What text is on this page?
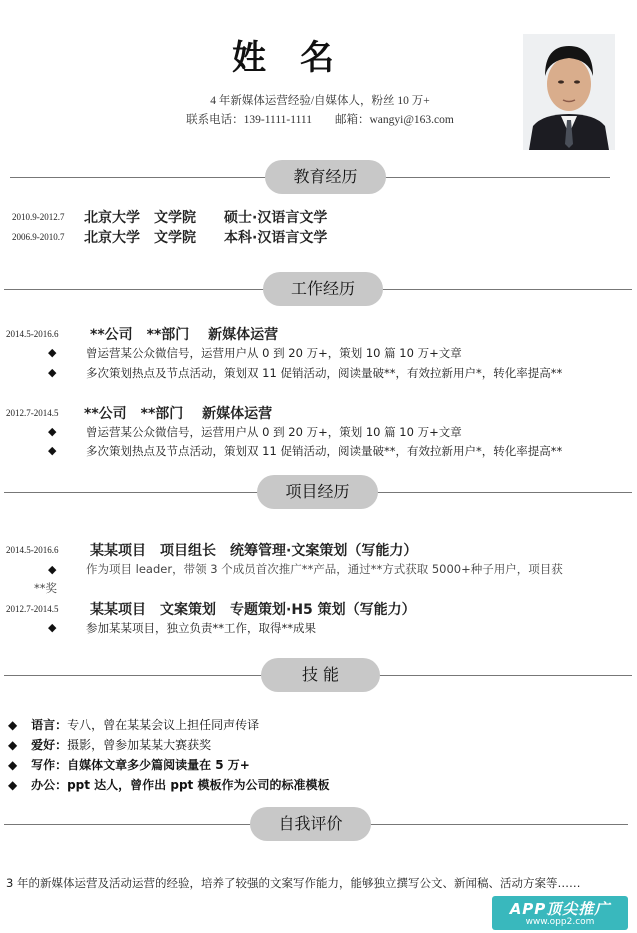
姓名
4 年新媒体运营经验/自媒体人，粉丝 10 万+
联系电话：139-1111-1111　　 邮箱：wangyi@163.com
教育经历
2010.9-2012.7 北京大学　文学院　　硕士·汉语言文学
2006.9-2010.7 北京大学　文学院　　本科·汉语言文学
工作经历
2014.5-2016.6 **公司　**部门　 新媒体运营
◆	曾运营某公众微信号，运营用户从 0 到 20 万+，策划 10 篇 10 万+文章
◆	多次策划热点及节点活动，策划双 11 促销活动，阅读量破**，有效拉新用户*，转化率提高**
2012.7-2014.5 **公司　**部门　 新媒体运营
◆	曾运营某公众微信号，运营用户从 0 到 20 万+，策划 10 篇 10 万+文章
◆	多次策划热点及节点活动，策划双 11 促销活动，阅读量破**，有效拉新用户*，转化率提高**
项目经历
2014.5-2016.6 某某项目　项目组长　统筹管理·文案策划（写能力）
◆	作为项目 leader，带领 3 个成员首次推广**产品，通过**方式获取 5000+种子用户，项目获
**奖
2012.7-2014.5 某某项目　文案策划　专题策划·H5 策划（写能力）
◆	参加某某项目，独立负责**工作，取得**成果
技 能
◆ 语言：专八，曾在某某会议上担任同声传译
◆ 爱好：摄影，曾参加某某大赛获奖
◆ 写作：自媒体文章多少篇阅读量在 5 万+
◆ 办公：ppt 达人，曾作出 ppt 模板作为公司的标准模板
自我评价
3 年的新媒体运营及活动运营的经验，培养了较强的文案写作能力，能够独立撰写公文、新闻稿、活动方案等……
APP顶尖推广
www.opp2.com
